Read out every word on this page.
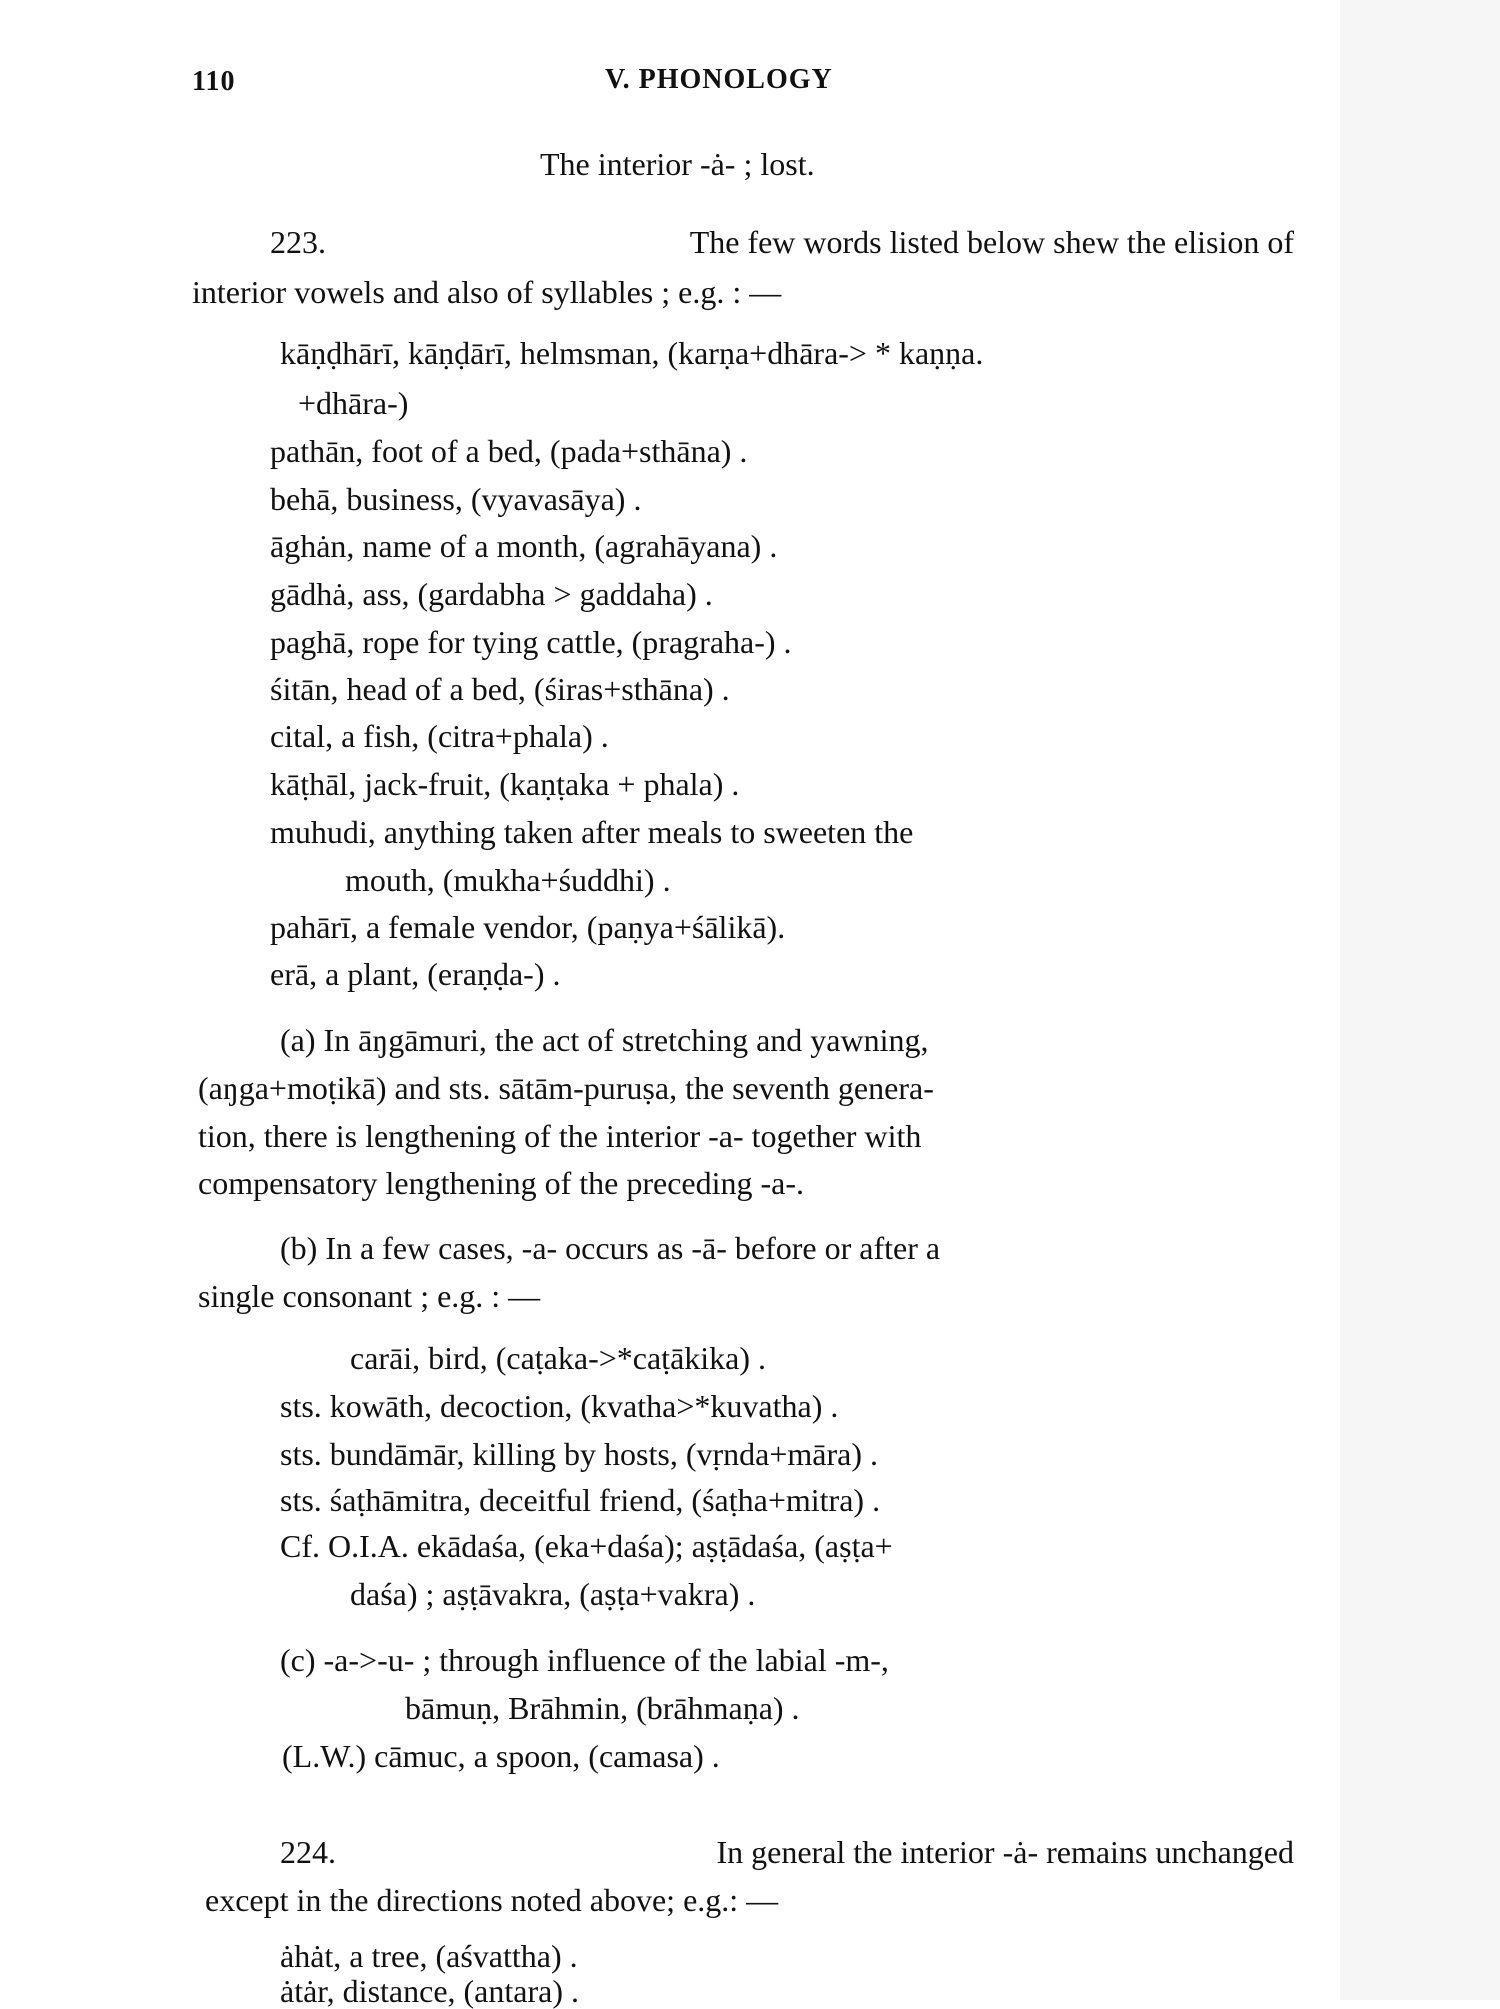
110	V. PHONOLOGY
The interior -ȧ- ; lost.
223.	The few words listed below shew the elision of
interior vowels and also of syllables ; e.g. : —
kāṇḍhārī, kāṇḍārī, helmsman, (karṇa+dhāra-> * kaṇṇa.
+dhāra-)
pathān, foot of a bed, (pada+sthāna) .
behā, business, (vyavasāya) .
āghȧn, name of a month, (agrahāyana) .
gādhȧ, ass, (gardabha > gaddaha) .
paghā, rope for tying cattle, (pragraha-) .
śitān, head of a bed, (śiras+sthāna) .
cital, a fish, (citra+phala) .
kāṭhāl, jack-fruit, (kaṇṭaka + phala) .
muhudi, anything taken after meals to sweeten the
mouth, (mukha+śuddhi) .
pahārī, a female vendor, (paṇya+śālikā).
erā, a plant, (eraṇḍa-) .
(a) In āŋgāmuri, the act of stretching and yawning,
(aŋga+moṭikā) and sts. sātām-puruṣa, the seventh genera-
tion, there is lengthening of the interior -a- together with
compensatory lengthening of the preceding -a-.
(b) In a few cases, -a- occurs as -ā- before or after a
single consonant ; e.g. : —
carāi, bird, (caṭaka->*caṭākika) .
sts. kowāth, decoction, (kvatha>*kuvatha) .
sts. bundāmār, killing by hosts, (vṛnda+māra) .
sts. śaṭhāmitra, deceitful friend, (śaṭha+mitra) .
Cf. O.I.A. ekādaśa, (eka+daśa); aṣṭādaśa, (aṣṭa+
daśa) ; aṣṭāvakra, (aṣṭa+vakra) .
(c) -a->-u- ; through influence of the labial -m-,
bāmuṇ, Brāhmin, (brāhmaṇa) .
(L.W.) cāmuc, a spoon, (camasa) .
224.	In general the interior -ȧ- remains unchanged
except in the directions noted above; e.g.: —
ȧhȧt, a tree, (aśvattha) .
ȧtȧr, distance, (antara) .
